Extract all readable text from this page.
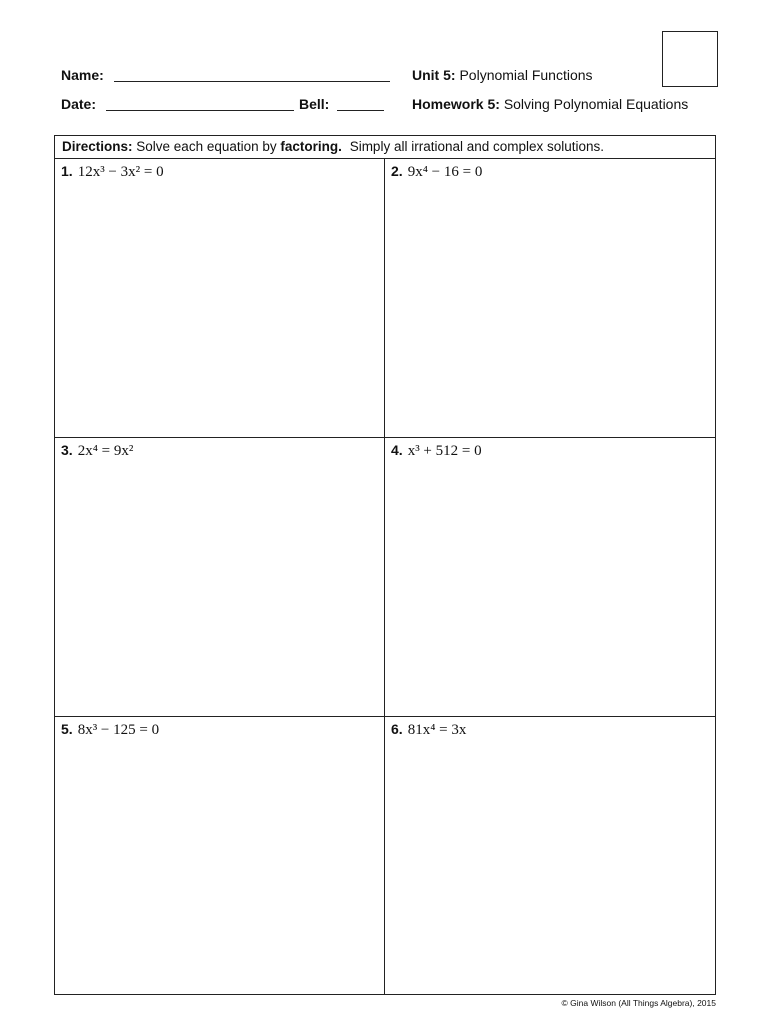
Name:
Date:	Bell:
Unit 5: Polynomial Functions
Homework 5: Solving Polynomial Equations
Directions: Solve each equation by factoring. Simply all irrational and complex solutions.
1. 12x³ − 3x² = 0	2. 9x⁴ − 16 = 0
3. 2x⁴ = 9x²	4. x³ + 512 = 0
5. 8x³ − 125 = 0	6. 81x⁴ = 3x
© Gina Wilson (All Things Algebra), 2015
